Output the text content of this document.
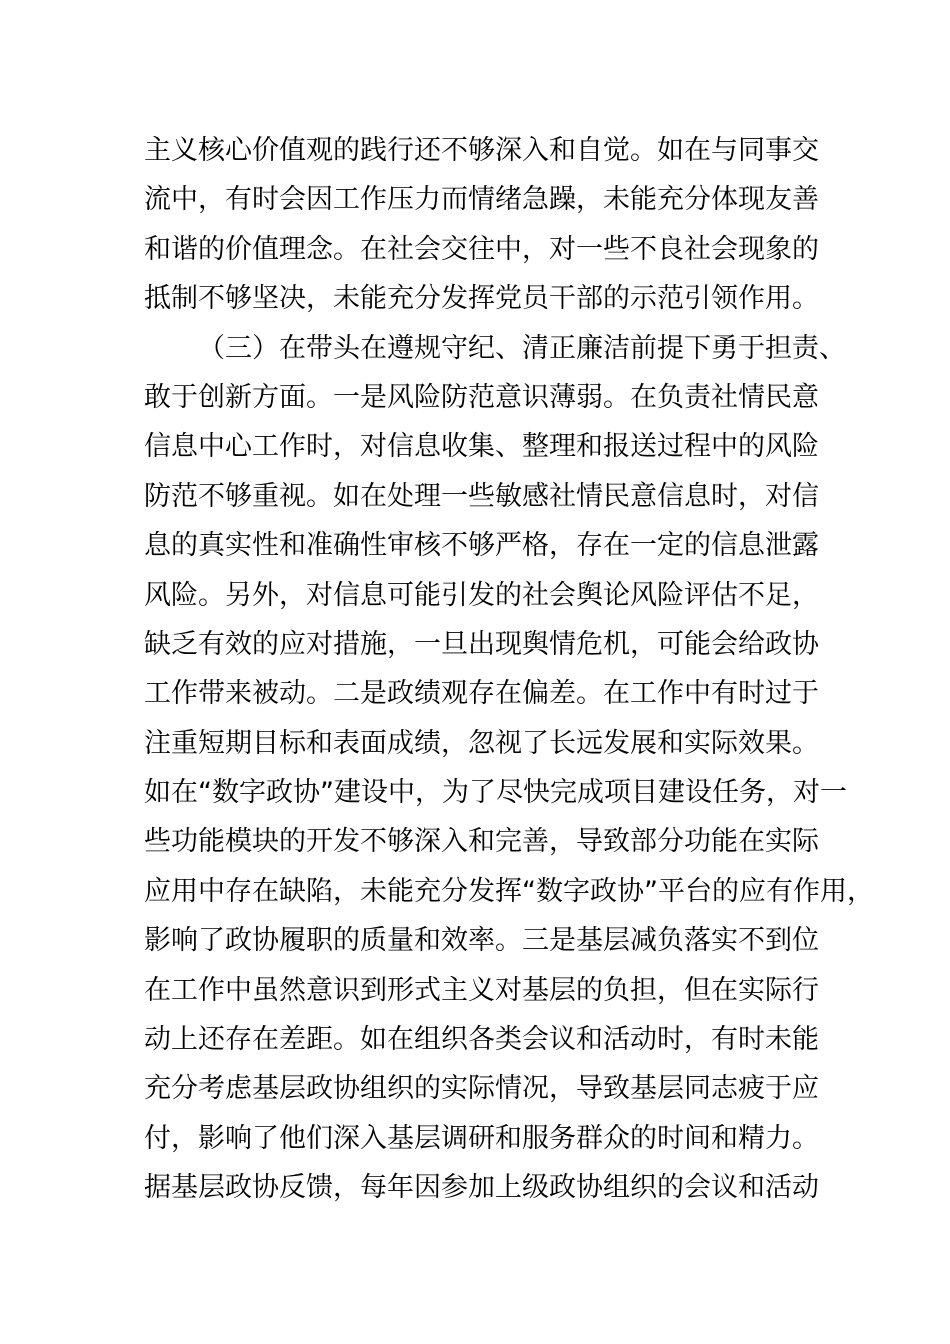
主义核心价值观的践行还不够深入和自觉。如在与同事交
流中，有时会因工作压力而情绪急躁，未能充分体现友善
和谐的价值理念。在社会交往中，对一些不良社会现象的
抵制不够坚决，未能充分发挥党员干部的示范引领作用。
（三）在带头在遵规守纪、清正廉洁前提下勇于担责、
敢于创新方面。一是风险防范意识薄弱。在负责社情民意
信息中心工作时，对信息收集、整理和报送过程中的风险
防范不够重视。如在处理一些敏感社情民意信息时，对信
息的真实性和准确性审核不够严格，存在一定的信息泄露
风险。另外，对信息可能引发的社会舆论风险评估不足，
缺乏有效的应对措施，一旦出现舆情危机，可能会给政协
工作带来被动。二是政绩观存在偏差。在工作中有时过于
注重短期目标和表面成绩，忽视了长远发展和实际效果。
如在“数字政协”建设中，为了尽快完成项目建设任务，对一
些功能模块的开发不够深入和完善，导致部分功能在实际
应用中存在缺陷，未能充分发挥“数字政协”平台的应有作用，
影响了政协履职的质量和效率。三是基层减负落实不到位
在工作中虽然意识到形式主义对基层的负担，但在实际行
动上还存在差距。如在组织各类会议和活动时，有时未能
充分考虑基层政协组织的实际情况，导致基层同志疲于应
付，影响了他们深入基层调研和服务群众的时间和精力。
据基层政协反馈，每年因参加上级政协组织的会议和活动
